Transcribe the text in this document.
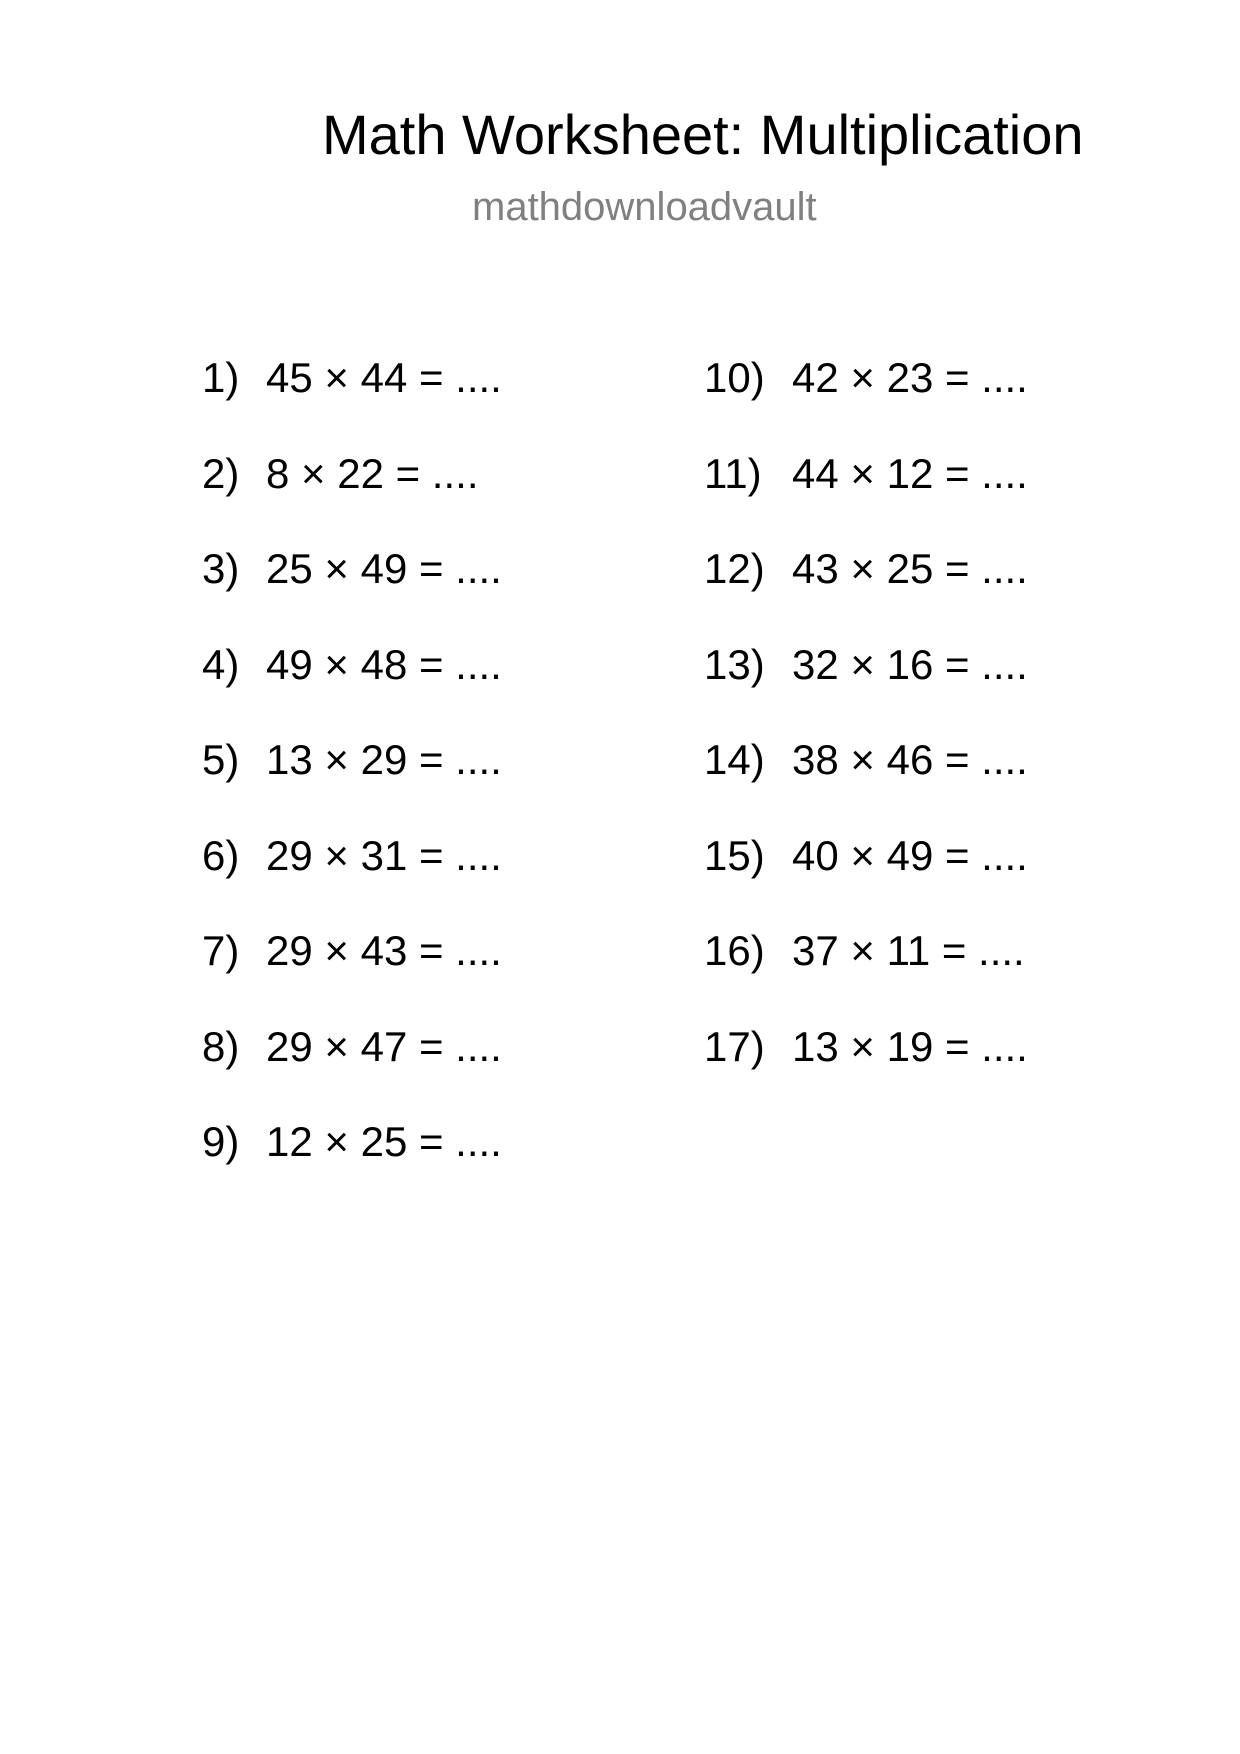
Math Worksheet: Multiplication
mathdownloadvault
1) 45 × 44 = ....
2) 8 × 22 = ....
3) 25 × 49 = ....
4) 49 × 48 = ....
5) 13 × 29 = ....
6) 29 × 31 = ....
7) 29 × 43 = ....
8) 29 × 47 = ....
9) 12 × 25 = ....
10) 42 × 23 = ....
11) 44 × 12 = ....
12) 43 × 25 = ....
13) 32 × 16 = ....
14) 38 × 46 = ....
15) 40 × 49 = ....
16) 37 × 11 = ....
17) 13 × 19 = ....
